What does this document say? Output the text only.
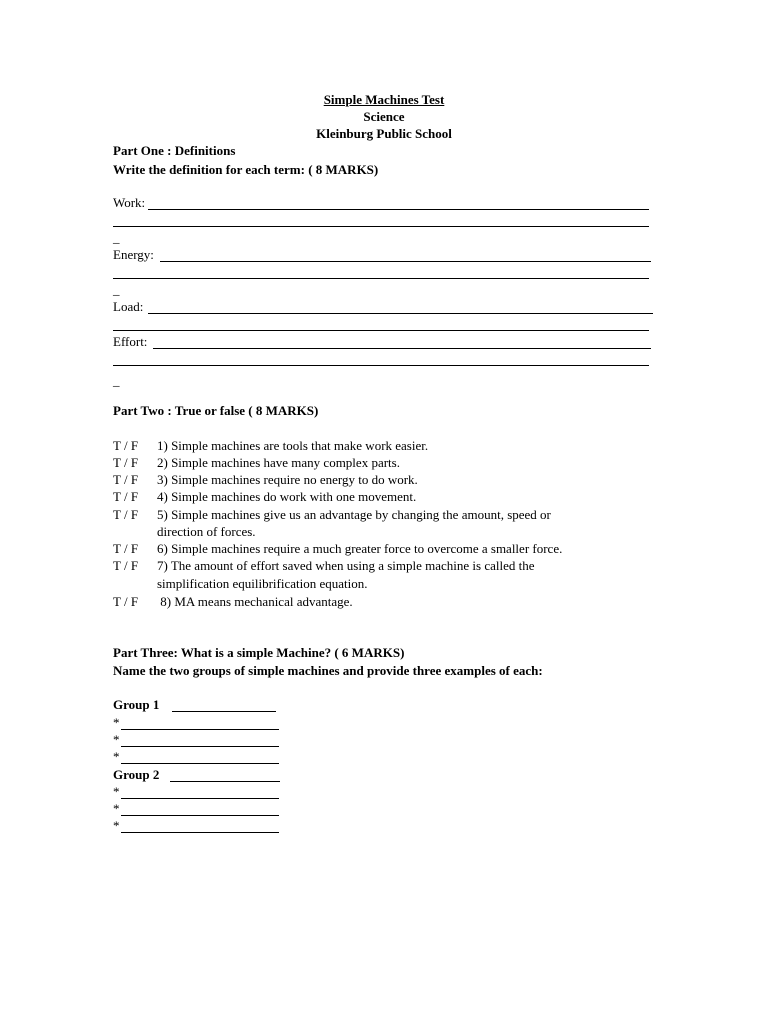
Simple Machines Test
Science
Kleinburg Public School
Part One : Definitions
Write the definition for each term: ( 8 MARKS)
Work:
_
Energy:
_
Load:
Effort:
_
Part Two : True or false ( 8 MARKS)
T / F 1) Simple machines are tools that make work easier.
T / F 2) Simple machines have many complex parts.
T / F 3) Simple machines require no energy to do work.
T / F 4) Simple machines do work with one movement.
T / F 5) Simple machines give us an advantage by changing the amount, speed or
direction of forces.
T / F 6) Simple machines require a much greater force to overcome a smaller force.
T / F 7) The amount of effort saved when using a simple machine is called the
simplification equilibrification equation.
T / F 8) MA means mechanical advantage.
Part Three: What is a simple Machine? ( 6 MARKS)
Name the two groups of simple machines and provide three examples of each:
Group 1
*
*
*
Group 2
*
*
*
